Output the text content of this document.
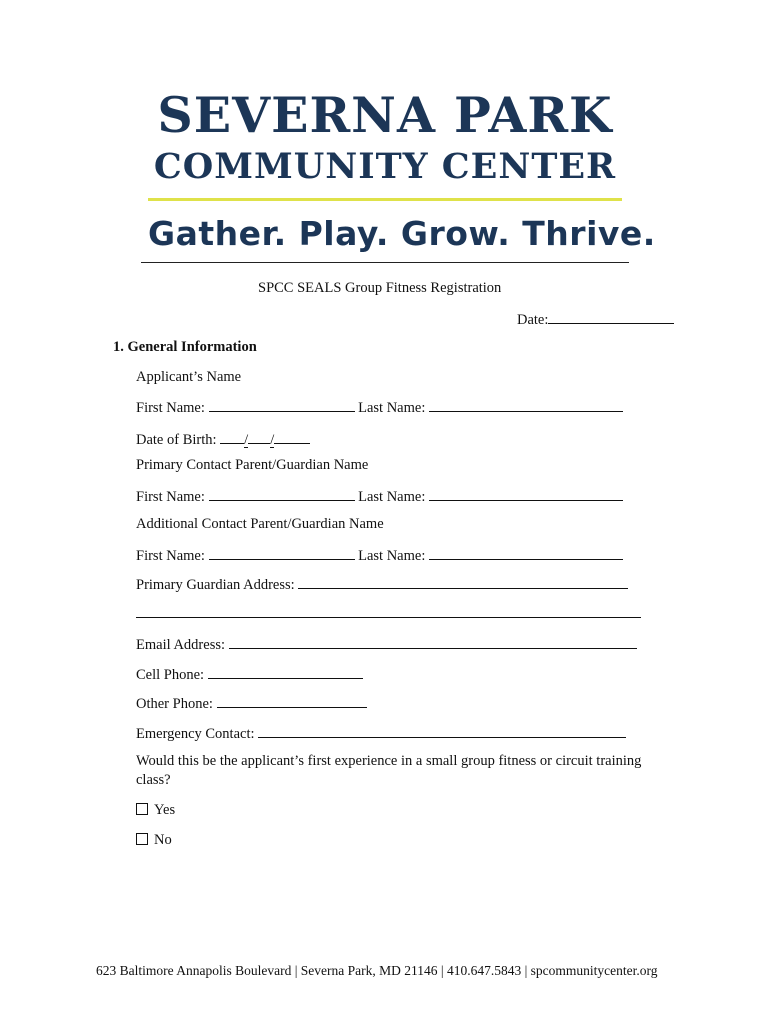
SEVERNA PARK
COMMUNITY CENTER
Gather. Play. Grow. Thrive.
SPCC SEALS Group Fitness Registration
Date:
1. General Information
Applicant’s Name
First Name:	Last Name:
Date of Birth: / /
Primary Contact Parent/Guardian Name
First Name:	Last Name:
Additional Contact Parent/Guardian Name
First Name:	Last Name:
Primary Guardian Address:
Email Address:
Cell Phone:
Other Phone:
Emergency Contact:
Would this be the applicant’s first experience in a small group fitness or circuit training class?
Yes
No
623 Baltimore Annapolis Boulevard | Severna Park, MD 21146 | 410.647.5843 | spcommunitycenter.org
